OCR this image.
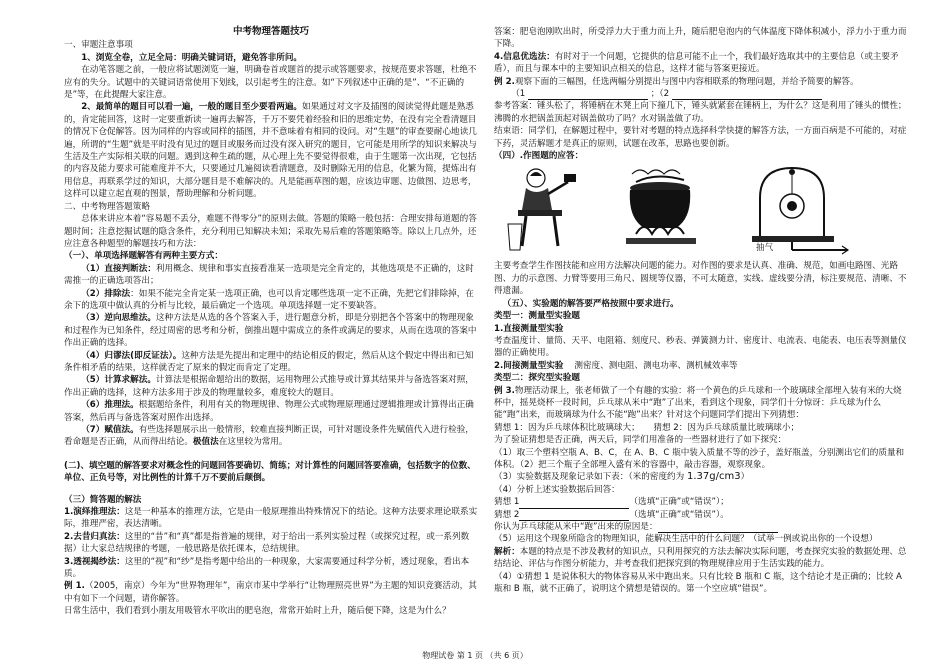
中考物理答题技巧

一、审题注意事项

1、浏览全卷，立足全局：明确关键词语，避免答非所问。

在动笔答题之前，一般应将试题浏览一遍，明确卷首或题首的提示或答题要求，按规范要求答题，杜绝不应有的失分。试题中的关键词语常使用下划线，以引起考生的注意。如“下列叙述中正确的是”、“不正确的是”等，在此提醒大家注意。

2、最简单的题目可以看一遍，一般的题目至少要看两遍。如果通过对文字及插图的阅读觉得此题是熟悉的，肯定能回答，这时一定要重新读一遍再去解答，千万不要凭着经验和旧的思维定势，在没有完全看清题目的情况下仓促解答。因为同样的内容或同样的插图，并不意味着有相同的设问。对“生题”的审查要耐心地读几遍，所谓的“生题”就是平时没有见过的题目或服务而过没有深入研究的题目，它可能是用所学的知识来解决与生活及生产实际相关联的问题。遇到这种生疏的题，从心理上先不要觉得很难，由于生题第一次出现，它包括的内容及能力要求可能难度并不大，只要通过几遍阅读看清题意，及时删除无用的信息，化繁为简，提炼出有用信息，再联系学过的知识，大部分题目是不难解决的。凡是能画草图的题，应该边审题、边做图、边思考，这样可以建立起直观的图景，帮助理解和分析问题。

二、中考物理答题策略

总体来讲应本着“容易题不丢分，难题不得零分”的原则去做。答题的策略一般包括：合理安排每道题的答题时间；注意挖掘试题的隐含条件，充分利用已知解决未知；采取先易后难的答题策略等。除以上几点外，还应注意各种题型的解题技巧和方法：

（一）、单项选择题解答有两种主要方式：

（1）直接判断法：利用概念、规律和事实直接看准某一选项是完全肯定的，其他选项是不正确的，这时需推一的正确选项答出；

（2）排除法：如果不能完全肯定某一选项正确，也可以肯定哪些选项一定不正确，先把它们排除掉，在余下的选项中做认真的分析与比较，最后确定一个选项。单项选择题一定不要缺答。

（3）逆向思维法。这种方法是从选的各个答案入手，进行题意分析，即是分别把各个答案中的物理现象和过程作为已知条件，经过周密的思考和分析，倒推出题中需成立的条件或满足的要求，从而在选项的答案中作出正确的选择。

（4）归谬法(即反证法）。这种方法是先提出和定理中的结论相反的假定，然后从这个假定中得出和已知条件相矛盾的结果，这样就否定了原来的假定而肯定了定理。

（5）计算求解法。计算法是根据命题给出的数据，运用物理公式推导或计算其结果并与备选答案对照，作出正确的选择，这种方法多用于涉及的物理量较多，难度较大的题目。

（6）推理法。根据题给条件，利用有关的物理规律、物理公式或物理原理通过逻辑推理或计算得出正确答案，然后再与备选答案对照作出选择。

（7）赋值法。有些选择题展示出一般情形，较难直接判断正误，可针对题设条件先赋值代入进行检验，看命题是否正确，从而得出结论。极值法在这里较为常用。

(二)、填空题的解答要求对概念性的问题回答要确切、简练；对计算性的问题回答要准确，包括数字的位数、单位、正负号等，对比例性的计算千万不要前后颠倒。

（三）简答题的解法

1.演绎推理法：这是一种基本的推理方法，它是由一般原理推出特殊情况下的结论。这种方法要求理论联系实际，推理严密，表达清晰。

2.去昔归真法：这里的“昔”和“真”都是指普遍的规律，对于给出一系列实验过程（或探究过程，或一系列数据）让大家总结规律的考题，一般思路是依托课本，总结规律。

3.透视揭纱法：这里的“视”和“纱”是指考题中给出的一种现象，大家需要通过科学分析，透过现象，看出本质。

例 1.（2005，南京）今年为“世界物理年”，南京市某中学举行“让物理照亮世界”为主题的知识竞赛活动，其中有如下一个问题，请你解答。

日常生活中，我们看到小朋友用吸管水平吹出的肥皂泡，常常开始时上升，随后便下降，这是为什么？

答案：肥皂泡刚吹出时，所受浮力大于重力而上升，随后肥皂泡内的气体温度下降体积减小，浮力小于重力而下降。

4.信息优选法：有时对于一个问题，它提供的信息可能不止一个，我们最好选取其中的主要信息（或主要矛盾），而且与课本中的主要知识点相关的信息，这样才能与答案更接近。

例 2.观察下面的三幅图，任选两幅分别提出与图中内容相联系的物理问题，并给予简要的解答。

（1	；（2

参考答案：锤头松了，将锤柄在木凳上向下撞几下，锤头就紧套在锤柄上，为什么？这是利用了锤头的惯性；沸腾的水把锅盖顶起对锅盖做功了吗？水对锅盖做了功。

结束语：同学们，在解题过程中，要针对考题的特点选择科学快捷的解答方法，一方面百病是不可能的，对症下药，灵活解题才是真正的原则，试题在改革，思路也要创新。

（四）.作图题的应答：

抽气

主要考查学生作图技能和应用方法解决问题的能力。对作图的要求是认真、准确、规范，如画电路图、光路图、力的示意图、力臂等要用三角尺、圆规等仪器，不可太随意，实线、虚线要分清，标注要规范、清晰、不得遗漏。

（五）、实验题的解答要严格按照中要求进行。

类型一：测量型实验题

1.直接测量型实验

考查温度计、量筒、天平、电阻箱、刻度尺、秒表、弹簧测力计、密度计、电流表、电能表、电压表等测量仪器的正确使用。

2.间接测量型实验 测密度、测电阻、测电功率、测机械效率等

类型二：探究型实验题

例 3.物理活动课上，张老师做了一个有趣的实验：将一个黄色的乒乓球和一个玻璃球全部埋入装有米的大烧杯中，摇晃烧杯一段时间，乒乓球从米中“跑”了出来，看到这个现象，同学们十分惊讶：乒乓球为什么能“跑”出来，而玻璃球为什么不能“跑”出来？针对这个问题同学们提出下列猜想：

猜想 1：因为乒乓球体积比玻璃球大； 猜想 2：因为乒乓球质量比玻璃球小；

为了验证猜想是否正确，两天后，同学们用准备的一些器材进行了如下探究：

（1）取三个塑料空瓶 A、B、C，在 A、B、C 瓶中装入质量不等的沙子，盖好瓶盖，分别测出它们的质量和体积。（2）把三个瓶子全部埋入盛有米的容器中，敲击容器，观察现象。

（3）实验数据及现象记录如下表：（米的密度约为 1.37g/cm3）

（4）分析上述实验数据后回答：

猜想 1	（选填“正确”或“错误”）；

猜想 2	（选填“正确”或“错误”）。

你认为乒乓球能从米中“跑”出来的原因是：

（5）运用这个现象所隐含的物理知识，能解决生活中的什么问题？（试举一例或说出你的一个设想）

解析：本题的特点是不涉及教材的知识点，只利用探究的方法去解决实际问题，考查探究实验的数据处理、总结结论、评估与作图分析能力，并考查我们把探究到的物理规律应用于生活实践的能力。

（4）①猜想 1 是说体积大的物体容易从米中跑出来。只有比较 B 瓶和 C 瓶，这个结论才是正确的；比较 A 瓶和 B 瓶，就不正确了，说明这个猜想是错误的。第一个空应填“错误”。

物理试卷 第 1 页 （共 6 页）
